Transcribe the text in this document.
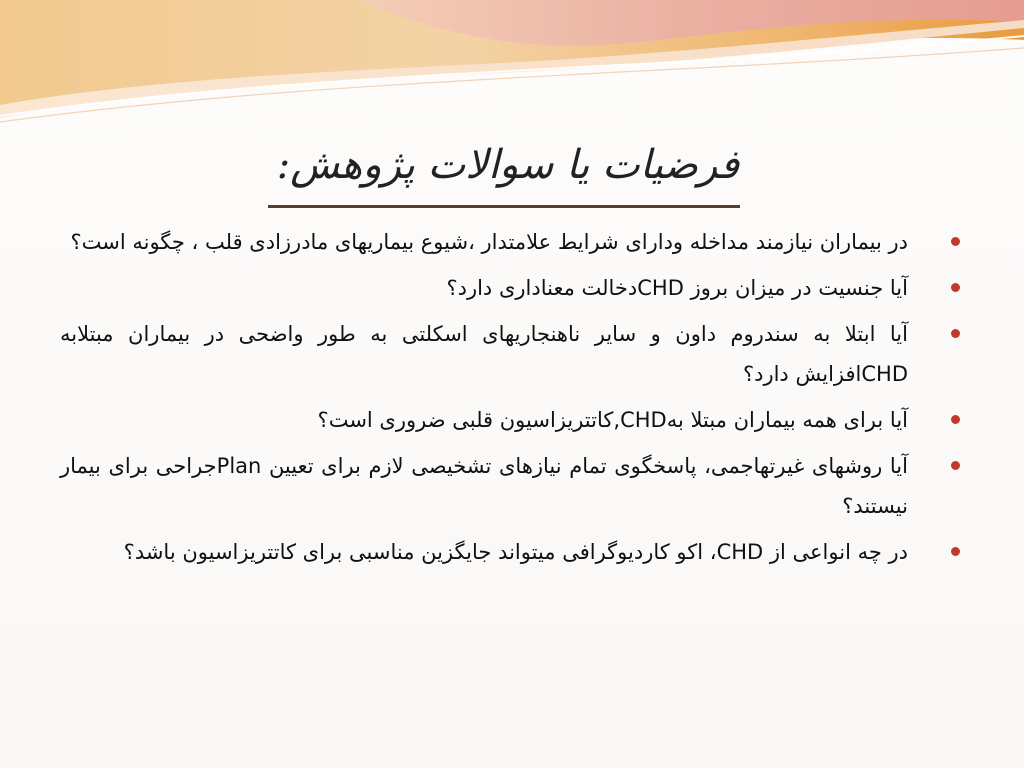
فرضیات یا سوالات پژوهش:
در بیماران نیازمند مداخله ودارای شرایط علامتدار ،شیوع بیماریهای مادرزادی قلب ، چگونه است؟
آیا جنسیت در میزان بروز CHDدخالت معناداری دارد؟
آیا ابتلا به سندروم داون و سایر ناهنجاریهای اسکلتی به طور واضحی در بیماران مبتلابه CHDافزایش دارد؟
آیا برای همه بیماران مبتلا بهCHD,کاتتریزاسیون قلبی ضروری است؟
آیا روشهای غیرتهاجمی، پاسخگوی تمام نیازهای تشخیصی لازم برای تعیین Planجراحی برای بیمار نیستند؟
در چه انواعی از CHD، اکو کاردیوگرافی میتواند جایگزین مناسبی برای کاتتریزاسیون باشد؟
